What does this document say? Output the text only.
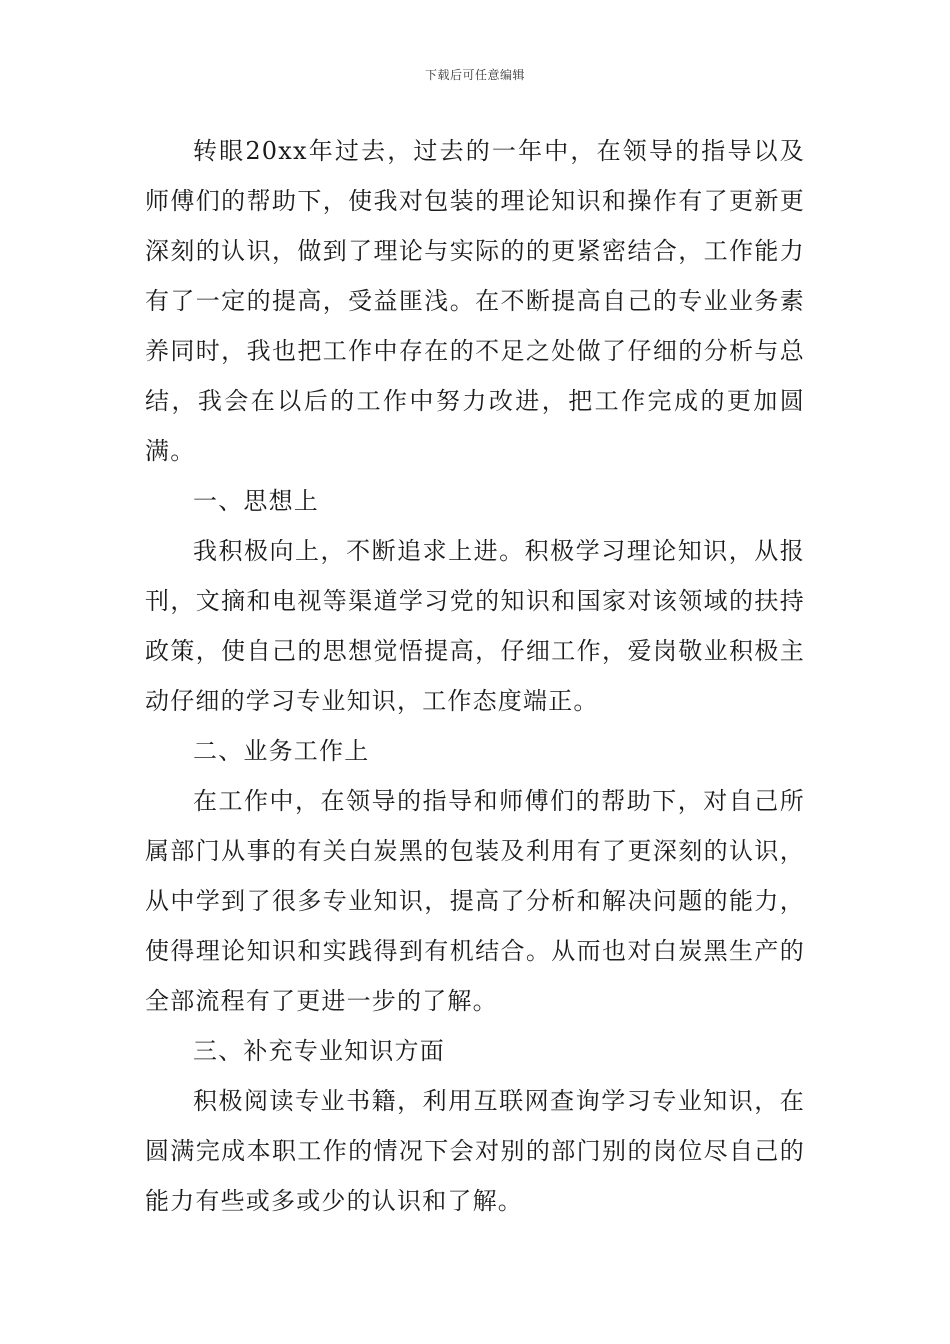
下载后可任意编辑

转眼20xx年过去，过去的一年中，在领导的指导以及师傅们的帮助下，使我对包装的理论知识和操作有了更新更深刻的认识，做到了理论与实际的的更紧密结合，工作能力有了一定的提高，受益匪浅。在不断提高自己的专业业务素养同时，我也把工作中存在的不足之处做了仔细的分析与总结，我会在以后的工作中努力改进，把工作完成的更加圆满。

一、思想上

我积极向上，不断追求上进。积极学习理论知识，从报刊，文摘和电视等渠道学习党的知识和国家对该领域的扶持政策，使自己的思想觉悟提高，仔细工作，爱岗敬业积极主动仔细的学习专业知识，工作态度端正。

二、业务工作上

在工作中，在领导的指导和师傅们的帮助下，对自己所属部门从事的有关白炭黑的包装及利用有了更深刻的认识，从中学到了很多专业知识，提高了分析和解决问题的能力，使得理论知识和实践得到有机结合。从而也对白炭黑生产的全部流程有了更进一步的了解。

三、补充专业知识方面

积极阅读专业书籍，利用互联网查询学习专业知识，在圆满完成本职工作的情况下会对别的部门别的岗位尽自己的能力有些或多或少的认识和了解。
